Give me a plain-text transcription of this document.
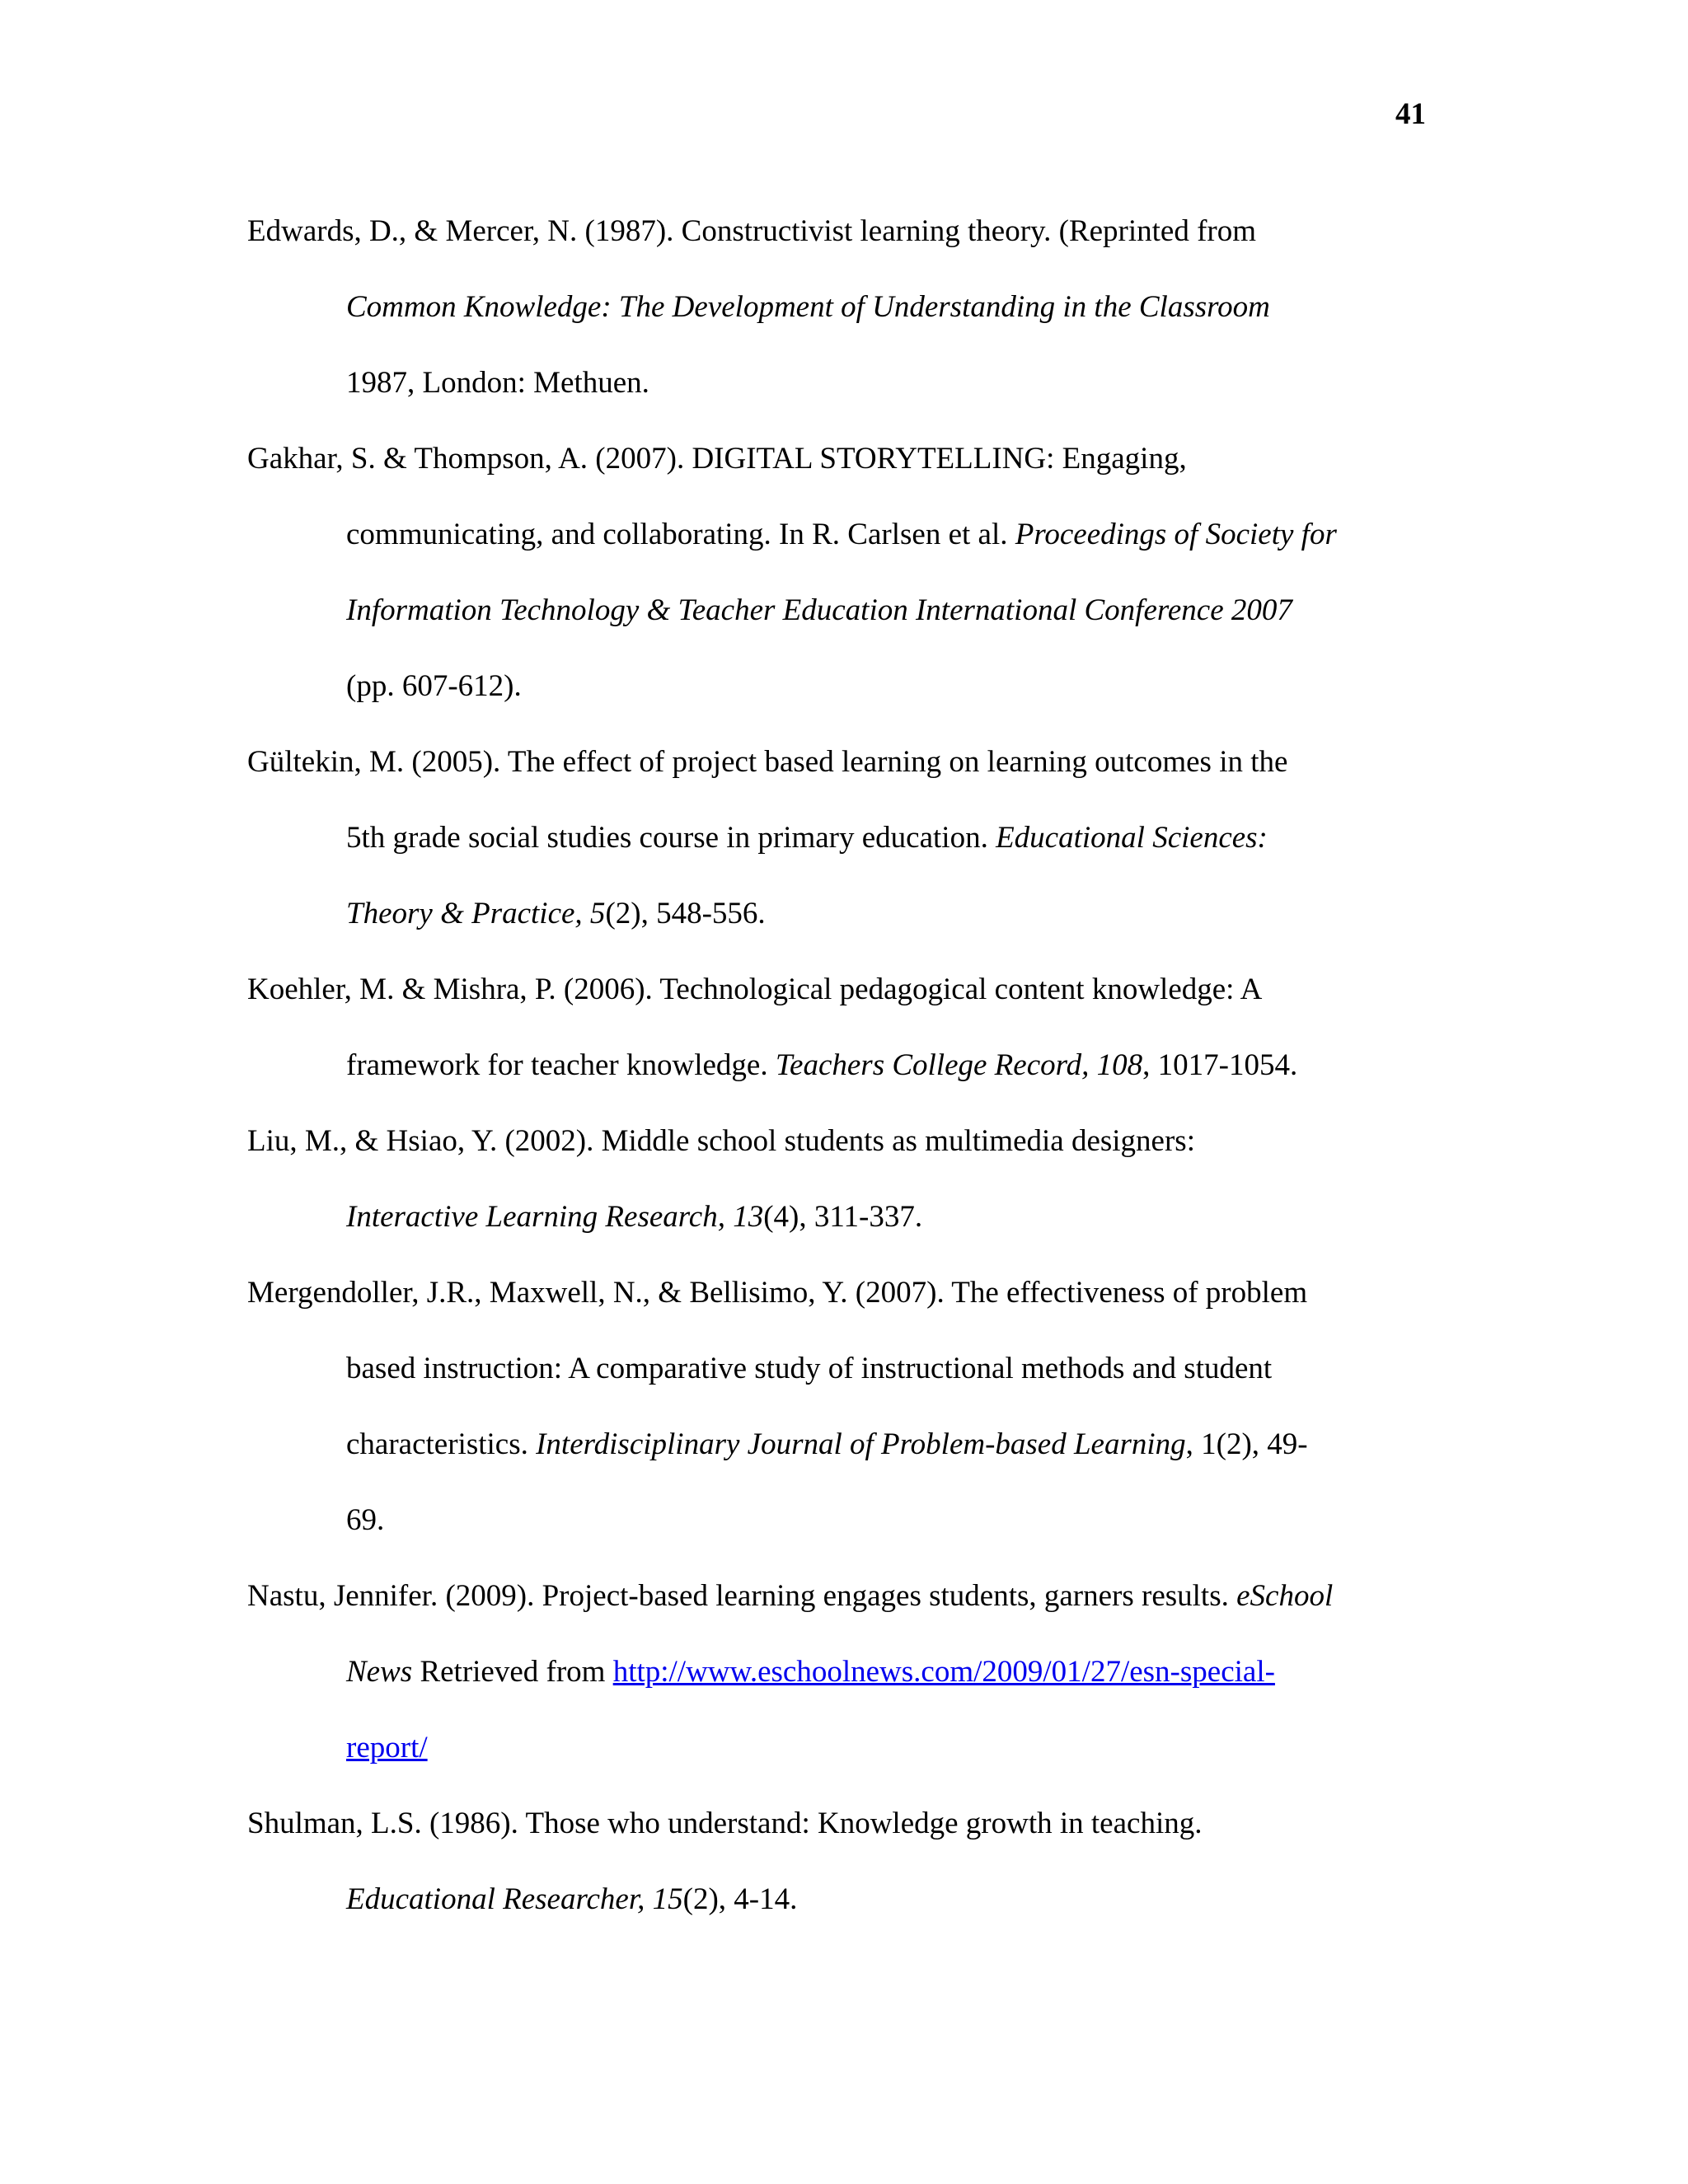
41
Edwards, D., & Mercer, N. (1987). Constructivist learning theory. (Reprinted from
Common Knowledge: The Development of Understanding in the Classroom
1987, London: Methuen.
Gakhar, S. & Thompson, A. (2007). DIGITAL STORYTELLING: Engaging,
communicating, and collaborating. In R. Carlsen et al. Proceedings of Society for
Information Technology & Teacher Education International Conference 2007
(pp. 607-612).
Gültekin, M. (2005). The effect of project based learning on learning outcomes in the
5th grade social studies course in primary education. Educational Sciences:
Theory & Practice, 5(2), 548-556.
Koehler, M. & Mishra, P. (2006). Technological pedagogical content knowledge: A
framework for teacher knowledge. Teachers College Record, 108, 1017-1054.
Liu, M., & Hsiao, Y. (2002). Middle school students as multimedia designers:
Interactive Learning Research, 13(4), 311-337.
Mergendoller, J.R., Maxwell, N., & Bellisimo, Y. (2007). The effectiveness of problem
based instruction: A comparative study of instructional methods and student
characteristics. Interdisciplinary Journal of Problem-based Learning, 1(2), 49-
69.
Nastu, Jennifer. (2009). Project-based learning engages students, garners results. eSchool
News Retrieved from http://www.eschoolnews.com/2009/01/27/esn-special-
report/
Shulman, L.S. (1986). Those who understand: Knowledge growth in teaching.
Educational Researcher, 15(2), 4-14.
